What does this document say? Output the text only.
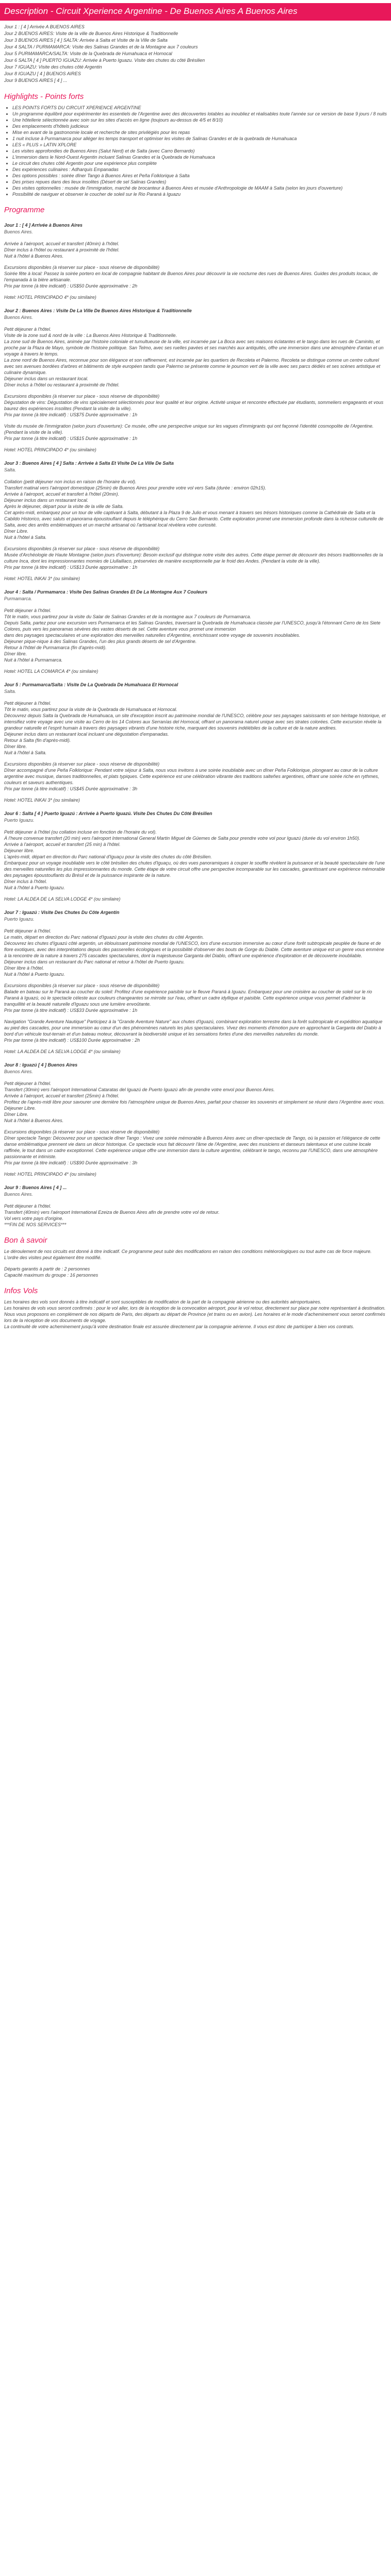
Description - Circuit Xperience Argentine - De Buenos Aires A Buenos Aires

Jour 1 : [ 4 ] Arrivée A BUENOS AIRES

Jour 2 BUENOS AIRES: Visite de la ville de Buenos Aires Historique & Traditionnelle

Jour 3 BUENOS AIRES [ 4 ] SALTA: Arrivée à Salta et Visite de la Ville de Salta

Jour 4 SALTA / PURMAMARCA: Visite des Salinas Grandes et de la Montagne aux 7 couleurs

Jour 5 PURMAMARCA/SALTA: Visite de la Quebrada de Humahuaca et Hornocal

Jour 6 SALTA [ 4 ] PUERTO IGUAZU: Arrivée à Puerto Iguazu. Visite des chutes du côté Brésilien

Jour 7 IGUAZU: Visite des chutes côté Argentin

Jour 8 IGUAZU [ 4 ] BUENOS AIRES

Jour 9 BUENOS AIRES [ 4 ] ...

Highlights - Points forts
• LES POINTS FORTS DU CIRCUIT XPERIENCE ARGENTINE
• Un programme équilibré pour expérimenter les essentiels de l'Argentine avec des découvertes lotables au inoubliez et réalisables toute l'année sur ce version de base 9 jours / 8 nuits
• Une hôtellerie sélectionnée avec soin sur les sites d'accès en ligne (toujours au-dessus de 4/5 et 8/10)
• Des emplacements d'hôtels judicieux
• Mise en avant de la gastronomie locale et recherche de sites privilégiés pour les repas
• 1 nuit incluse à Purmamarca pour alléger les temps transport et optimiser les visites de Salinas Grandes et de la quebrada de Humahuaca
• LES « PLUS » LATIN XPLORE
• Les visites approfondies de Buenos Aires (Salut Nerd) et de Salta (avec Carro Bernardo)
• L'immersion dans le Nord-Ouest Argentin incluant Salinas Grandes et la Quebrada de Humahuaca
• Le circuit des chutes côté Argentin pour une expérience plus complète
• Des expériences culinaires : Adharquis Empanadas
• Des options possibles : soirée dîner Tango à Buenos Aires et Peña Folklorique à Salta
• Des prises repues dans des lieux insolites (Désert de sel Salinas Grandes)
• Des visites optionnelles : musée de l'immigration, marché de brocanteur à Buenos Aires et musée d'Anthropologie de MAAM à Salta (selon les jours d'ouverture)
• Possibilité de naviguer et observer le coucher de soleil sur le Rio Paraná à Iguazu
Programme

Jour 1 : [ 4 ] Arrivée à Buenos Aires

Buenos Aires.

Arrivée à l'aéroport, accueil et transfert (40min) à l'hôtel.
Dîner inclus à l'hôtel ou restaurant à proximité de l'hôtel.
Nuit à l'hôtel à Buenos Aires.

Excursions disponibles (à réserver sur place - sous réserve de disponibilité)
Soirée fête à local: Passez la soirée portero en local de compagnie habitant de Buenos Aires pour découvrir la vie nocturne des rues de Buenos Aires. Guides des produits locaux, de l'empanada à la bière artisanale.
Prix par tonne (à titre indicatif) : US$50 Durée approximative : 2h

Hotel: HOTEL PRINCIPADO 4* (ou similaire)

Jour 2 : Buenos Aires : Visite De La Ville De Buenos Aires Historique & Traditionnelle

Buenos Aires.

Petit déjeuner à l'hôtel.
Visite de la zone sud & nord de la ville : La Buenos Aires Historique & Traditionnelle.
La zone sud de Buenos Aires, animée par l'histoire coloniale et tumultueuse de la ville, est incarnée par La Boca avec ses maisons éclatantes et le tango dans les rues de Caminito, et proche par la Plaza de Mayo, symbole de l'histoire politique. San Telmo, avec ses ruelles pavées et ses marchés aux antiquités, offre une immersion dans une atmosphère d'antan et un voyage à travers le temps.
La zone nord de Buenos Aires, reconnue pour son élégance et son raffinement, est incarnée par les quartiers de Recoleta et Palermo. Recoleta se distingue comme un centre culturel avec ses avenues bordées d'arbres et bâtiments de style européen tandis que Palermo se présente comme le poumon vert de la ville avec ses parcs dédiés et ses scènes artistique et culinaire dynamique.
Déjeuner inclus dans un restaurant local.
Dîner inclus à l'hôtel ou restaurant à proximité de l'hôtel.

Excursions disponibles (à réserver sur place - sous réserve de disponibilité)
Dégustation de vins: Dégustation de vins spécialement sélectionnés pour leur qualité et leur origine. Activité unique et rencontre effectuée par étudiants, sommeliers engageants et vous baurez des expériences insolites (Pendant la visite de la ville).
Prix par tonne (à titre indicatif) : US$75 Durée approximative : 1h

Visite du musée de l'immigration (selon jours d'ouverture): Ce musée, offre une perspective unique sur les vagues d'immigrants qui ont façonné l'identité cosmopolite de l'Argentine. (Pendant la visite de la ville).
Prix par tonne (à titre indicatif) : US$15 Durée approximative : 1h

Hotel: HOTEL PRINCIPADO 4* (ou similaire)

Jour 3 : Buenos Aires [ 4 ] Salta : Arrivée à Salta Et Visite De La Ville De Salta

Salta.

Collation (petit déjeuner non inclus en raison de l'horaire du vol).
Transfert matinal vers l'aéroport domestique (25min) de Buenos Aires pour prendre votre vol vers Salta (durée : environ 02h15).
Arrivée à l'aéroport, accueil et transfert à l'hôtel (20min).
Déjeuner inclus dans un restaurant local.
Après le déjeuner, départ pour la visite de la ville de Salta.
Cet après-midi, embarquez pour un tour de ville captivant à Salta, débutant à la Plaza 9 de Julio et vous menant à travers ses trésors historiques comme la Cathédrale de Salta et la Cabildo Historico, avec saluts et panorama époustouflant depuis le téléphérique du Cerro San Bernardo. Cette exploration promet une immersion profonde dans la richesse culturelle de Salta, avec des arrêts emblématiques et un marché artisanal où l'artisanat local révèlera votre curiosité.
Dîner Libre.
Nuit à l'hôtel à Salta.

Excursions disponibles (à réserver sur place - sous réserve de disponibilité)
Musée d'Archéologie de Haute Montagne (selon jours d'ouverture): Besoin exclusif qui distingue notre visite des autres. Cette étape permet de découvrir des trésors traditionnelles de la culture Inca, dont les impressionnantes momies de Llullaillaco, préservées de manière exceptionnelle par le froid des Andes. (Pendant la visite de la ville).
Prix par tonne (à titre indicatif) : US$13 Durée approximative : 1h

Hotel: HOTEL INKAI 3* (ou similaire)

Jour 4 : Salta / Purmamarca : Visite Des Salinas Grandes Et De La Montagne Aux 7 Couleurs

Purmamarca.

Petit déjeuner à l'hôtel.
Tôt le matin, vous partirez pour la visite du Salar de Salinas Grandes et de la montagne aux 7 couleurs de Purmamarca.
Depuis Salta, partez pour une excursion vers Purmamarca et les Salinas Grandes, traversant la Quebrada de Humahuaca classée par l'UNESCO, jusqu'à l'étonnant Cerro de los Siete Colores, puis vers les panoramas sévères des vastes déserts de sel. Cette aventure vous promet une immersion
dans des paysages spectaculaires et une exploration des merveilles naturelles d'Argentine, enrichissant votre voyage de souvenirs inoubliables.
Déjeuner pique-nique à des Salinas Grandes, l'un des plus grands déserts de sel d'Argentine.
Retour à l'hôtel de Purmamarca (fin d'après-midi).
Dîner libre.
Nuit à l'hôtel à Purmamarca.

Hotel: HOTEL LA COMARCA 4* (ou similaire)

Jour 5 : Purmamarca/Salta : Visite De La Quebrada De Humahuaca Et Hornocal

Salta.

Petit déjeuner à l'hôtel.
Tôt le matin, vous partirez pour la visite de la Quebrada de Humahuaca et Hornocal.
Découvrez depuis Salta la Quebrada de Humahuaca, un site d'exception inscrit au patrimoine mondial de l'UNESCO, célèbre pour ses paysages saisissants et son héritage historique, et intensifiez votre voyage avec une visite au Cerro de los 14 Colores aux Serranías del Hornocal, offrant un panorama naturel unique avec ses strates colorées. Cette excursion révèle la grandeur naturelle et l'esprit humain à travers des paysages vibrants d'une histoire riche, marquant des souvenirs indélébiles de la culture et de la nature andines.
Déjeuner inclus dans un restaurant local incluant une dégustation d'empanadas.
Retour à Salta (fin d'après-midi).
Dîner libre.
Nuit à l'hôtel à Salta.

Excursions disponibles (à réserver sur place - sous réserve de disponibilité)
Dîner accompagné d'une Peña Folklorique: Pendant votre séjour à Salta, nous vous invitons à une soirée inoubliable avec un dîner Peña Folklorique, plongeant au cœur de la culture argentine avec musique, danses traditionnelles, et plats typiques. Cette expérience est une célébration vibrante des traditions salteñes argentines, offrant une soirée riche en rythmes, couleurs et saveurs authentiques.
Prix par tonne (à titre indicatif) : US$45 Durée approximative : 3h

Hotel: HOTEL INKAI 3* (ou similaire)

Jour 6 : Salta [ 4 ] Puerto Iguazú : Arrivée à Puerto Iguazú. Visite Des Chutes Du Côté Brésilien

Puerto Iguazu.

Petit déjeuner à l'hôtel (ou collation incluse en fonction de l'horaire du vol).
À l'heure convenue transfert (20 min) vers l'aéroport International General Martin Miguel de Güemes de Salta pour prendre votre vol pour Iguazú (durée du vol environ 1h50).
Arrivée à l'aéroport, accueil et transfert (25 min) à l'hôtel.
Déjeuner libre.
L'après-midi, départ en direction du Parc national d'Iguaçu pour la visite des chutes du côté Brésilien.
Embarquez pour un voyage inoubliable vers le côté brésilien des chutes d'Iguaçu, où des vues panoramiques à couper le souffle révèlent la puissance et la beauté spectaculaire de l'une des merveilles naturelles les plus impressionnantes du monde. Cette étape de votre circuit offre une perspective incomparable sur les cascades, garantissant une expérience mémorable des paysages époustouflants du Brésil et de la puissance inspirante de la nature.
Dîner inclus à l'hôtel.
Nuit à l'hôtel à Puerto Iguazu.

Hotel: LA ALDEA DE LA SELVA LODGE 4* (ou similaire)

Jour 7 : Iguazú : Visite Des Chutes Du Côte Argentin

Puerto Iguazu.

Petit déjeuner à l'hôtel.
Le matin, départ en direction du Parc national d'Iguazú pour la visite des chutes du côté Argentin.
Découvrez les chutes d'Iguazú côté argentin, un éblouissant patrimoine mondial de l'UNESCO, lors d'une excursion immersive au cœur d'une forêt subtropicale peuplée de faune et de flore exotiques, avec des interprétations depuis des passerelles écologiques et la possibilité d'observer des bouts de Gorge du Diable. Cette aventure unique est un genre vous emmène à la rencontre de la nature à travers 275 cascades spectaculaires, dont la majestueuse Garganta del Diablo, offrant une expérience d'exploration et de découverte inoubliable.
Déjeuner inclus dans un restaurant du Parc national et retour à l'hôtel de Puerto Iguazu.
Dîner libre à l'hôtel.
Nuit à l'hôtel à Puerto Iguazu.

Excursions disponibles (à réserver sur place - sous réserve de disponibilité)
Balade en bateau sur le Paraná au coucher du soleil: Profitez d'une expérience paisible sur le fleuve Paraná à Iguazu. Embarquez pour une croisière au coucher de soleil sur le rio Paraná à Iguazú, où le spectacle céleste aux couleurs changeantes se mirroite sur l'eau, offrant un cadre idyllique et paisible. Cette expérience unique vous permet d'admirer la tranquillité et la beauté naturelle d'Iguazu sous une lumière envoûtante.
Prix par tonne (à titre indicatif) : US$33 Durée approximative : 1h

Navigation "Grande Aventure Nautique" Participez à la "Grande Aventure Nature" aux chutes d'Iguazú, combinant exploration terrestre dans la forêt subtropicale et expédition aquatique au pied des cascades, pour une immersion au cœur d'un des phénomènes naturels les plus spectaculaires. Vivez des moments d'émotion pure en approchant la Garganta del Diablo à bord d'un véhicule tout-terrain et d'un bateau moteur, découvrant la biodiversité unique et les sensations fortes d'une des merveilles naturelles du monde.
Prix par tonne (à titre indicatif) : US$100 Durée approximative : 2h

Hotel: LA ALDEA DE LA SELVA LODGE 4* (ou similaire)

Jour 8 : Iguazú [ 4 ] Buenos Aires

Buenos Aires.

Petit déjeuner à l'hôtel.
Transfert (30min) vers l'aéroport International Cataratas del Iguazú de Puerto Iguazú afin de prendre votre envol pour Buenos Aires.
Arrivée à l'aéroport, accueil et transfert (25min) à l'hôtel.
Profitez de l'après-midi libre pour savourer une dernière fois l'atmosphère unique de Buenos Aires, parfait pour chasser les souvenirs et simplement se réunir dans l'Argentine avec vous.
Déjeuner Libre.
Dîner Libre.
Nuit à l'hôtel à Buenos Aires.

Excursions disponibles (à réserver sur place - sous réserve de disponibilité)
Dîner spectacle Tango: Découvrez pour un spectacle dîner Tango : Vivez une soirée mémorable à Buenos Aires avec un dîner-spectacle de Tango, où la passion et l'élégance de cette danse emblématique prennent vie dans un décor historique. Ce spectacle vous fait découvrir l'âme de l'Argentine, avec des musiciens et danseurs talentueux et une cuisine locale raffinée, le tout dans un cadre exceptionnel. Cette expérience unique offre une immersion dans la culture argentine, célébrant le tango, reconnu par l'UNESCO, dans une atmosphère passionnante et intimiste.
Prix par tonne (à titre indicatif) : US$90 Durée approximative : 3h

Hotel: HOTEL PRINCIPADO 4* (ou similaire)

Jour 9 : Buenos Aires [ 4 ] ...

Buenos Aires.

Petit déjeuner à l'hôtel.
Transfert (40min) vers l'aéroport International Ezeiza de Buenos Aires afin de prendre votre vol de retour.
Vol vers votre pays d'origine.
***FIN DE NOS SERVICES***

Bon à savoir

Le déroulement de nos circuits est donné à titre indicatif. Ce programme peut subir des modifications en raison des conditions météorologiques ou tout autre cas de force majeure. L'ordre des visites peut également être modifié.

Départs garantis à partir de : 2 personnes
Capacité maximum du groupe : 16 personnes

Infos Vols

Les horaires des vols sont donnés à titre indicatif et sont susceptibles de modification de la part de la compagnie aérienne ou des autorités aéroportuaires.
Les horaires de vols vous seront confirmés : pour le vol aller, lors de la réception de la convocation aéroport, pour le vol retour, directement sur place par notre représentant à destination.
Nous vous proposons en complément de nos départs de Paris, des départs au départ de Province (et trains ou en avion). Les horaires et le mode d'acheminement vous seront confirmés lors de la réception de vos documents de voyage.
La continuité de votre acheminement jusqu'à votre destination finale est assurée directement par la compagnie aérienne. Il vous est donc de participer à bien vos contrats.
